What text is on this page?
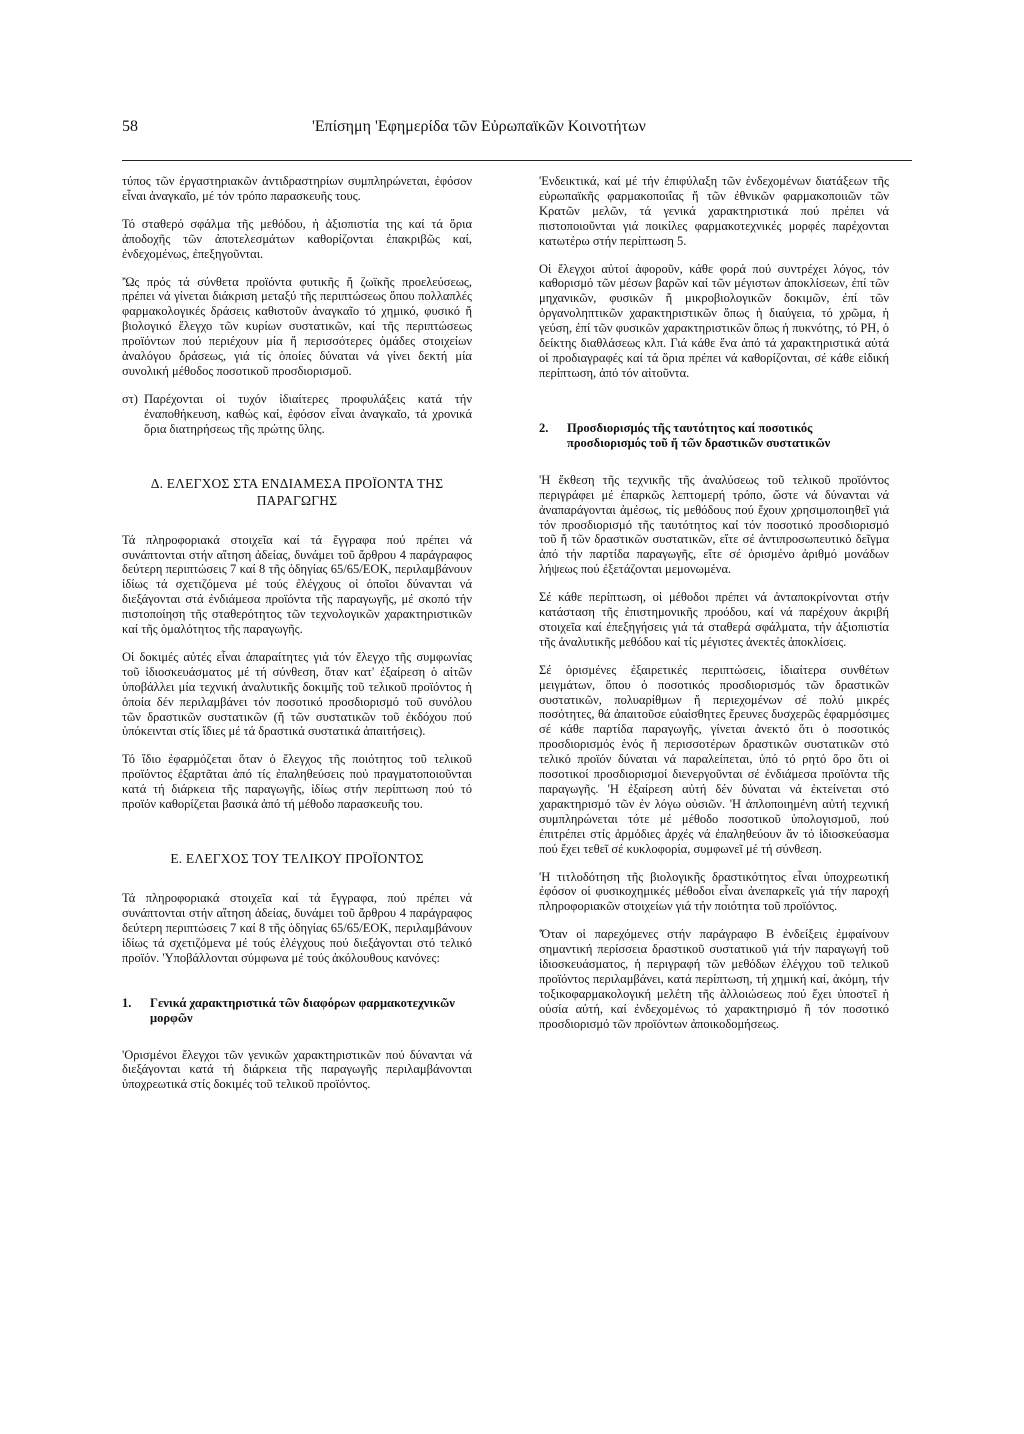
58	'Επίσημη 'Εφημερίδα τῶν Εὐρωπαϊκῶν Κοινοτήτων

τύπος τῶν ἐργαστηριακῶν ἀντιδραστηρίων συμπληρώνεται, ἐφόσον εἶναι ἀναγκαῖο, μέ τόν τρόπο παρασκευῆς τους.

Τό σταθερό σφάλμα τῆς μεθόδου, ἡ ἀξιοπιστία της καί τά ὅρια ἀποδοχῆς τῶν ἀποτελεσμάτων καθορίζονται ἐπακριβῶς καί, ἐνδεχομένως, ἐπεξηγοῦνται.

'Ὡς πρός τά σύνθετα προϊόντα φυτικῆς ἤ ζωϊκῆς προελεύσεως, πρέπει νά γίνεται διάκριση μεταξύ τῆς περιπτώσεως ὅπου πολλαπλές φαρμακολογικές δράσεις καθιστοῦν ἀναγκαῖο τό χημικό, φυσικό ἤ βιολογικό ἔλεγχο τῶν κυρίων συστατικῶν, καί τῆς περιπτώσεως προϊόντων πού περιέχουν μία ἤ περισσότερες ὁμάδες στοιχείων ἀναλόγου δράσεως, γιά τίς ὁποίες δύναται νά γίνει δεκτή μία συνολική μέθοδος ποσοτικοῦ προσδιορισμοῦ.

στ) Παρέχονται οἱ τυχόν ἰδιαίτερες προφυλάξεις κατά τήν ἐναποθήκευση, καθώς καί, ἐφόσον εἶναι ἀναγκαῖο, τά χρονικά ὅρια διατηρήσεως τῆς πρώτης ὕλης.
Δ. ΕΛΕΓΧΟΣ ΣΤΑ ΕΝΔΙΑΜΕΣΑ ΠΡΟΪΟΝΤΑ ΤΗΣ ΠΑΡΑΓΩΓΗΣ

Τά πληροφοριακά στοιχεῖα καί τά ἔγγραφα πού πρέπει νά συνάπτονται στήν αἴτηση ἀδείας, δυνάμει τοῦ ἄρθρου 4 παράγραφος δεύτερη περιπτώσεις 7 καί 8 τῆς ὁδηγίας 65/65/ΕΟΚ, περιλαμβάνουν ἰδίως τά σχετιζόμενα μέ τούς ἐλέγχους οἱ ὁποῖοι δύνανται νά διεξάγονται στά ἐνδιάμεσα προϊόντα τῆς παραγωγῆς, μέ σκοπό τήν πιστοποίηση τῆς σταθερότητος τῶν τεχνολογικῶν χαρακτηριστικῶν καί τῆς ὁμαλότητος τῆς παραγωγῆς.

Οἱ δοκιμές αὐτές εἶναι ἀπαραίτητες γιά τόν ἔλεγχο τῆς συμφωνίας τοῦ ἰδιοσκευάσματος μέ τή σύνθεση, ὅταν κατ' ἐξαίρεση ὁ αἰτῶν ὑποβάλλει μία τεχνική ἀναλυτικῆς δοκιμῆς τοῦ τελικοῦ προϊόντος ἡ ὁποία δέν περιλαμβάνει τόν ποσοτικό προσδιορισμό τοῦ συνόλου τῶν δραστικῶν συστατικῶν (ἤ τῶν συστατικῶν τοῦ ἐκδόχου πού ὑπόκεινται στίς ἴδιες μέ τά δραστικά συστατικά ἀπαιτήσεις).

Τό ἴδιο ἐφαρμόζεται ὅταν ὁ ἔλεγχος τῆς ποιότητος τοῦ τελικοῦ προϊόντος ἐξαρτᾶται ἀπό τίς ἐπαληθεύσεις πού πραγματοποιοῦνται κατά τή διάρκεια τῆς παραγωγῆς, ἰδίως στήν περίπτωση πού τό προϊόν καθορίζεται βασικά ἀπό τή μέθοδο παρασκευῆς του.

Ε. ΕΛΕΓΧΟΣ ΤΟΥ ΤΕΛΙΚΟΥ ΠΡΟΪΟΝΤΟΣ

Τά πληροφοριακά στοιχεῖα καί τά ἔγγραφα, πού πρέπει νά συνάπτονται στήν αἴτηση ἀδείας, δυνάμει τοῦ ἄρθρου 4 παράγραφος δεύτερη περιπτώσεις 7 καί 8 τῆς ὁδηγίας 65/65/ΕΟΚ, περιλαμβάνουν ἰδίως τά σχετιζόμενα μέ τούς ἐλέγχους πού διεξάγονται στό τελικό προϊόν. 'Υποβάλλονται σύμφωνα μέ τούς ἀκόλουθους κανόνες:

1.	Γενικά χαρακτηριστικά τῶν διαφόρων φαρμακοτεχνικῶν μορφῶν

'Ορισμένοι ἔλεγχοι τῶν γενικῶν χαρακτηριστικῶν πού δύνανται νά διεξάγονται κατά τή διάρκεια τῆς παραγωγῆς περιλαμβάνονται ὑποχρεωτικά στίς δοκιμές τοῦ τελικοῦ προϊόντος.

'Ενδεικτικά, καί μέ τήν ἐπιφύλαξη τῶν ἐνδεχομένων διατάξεων τῆς εὐρωπαϊκῆς φαρμακοποιΐας ἤ τῶν ἐθνικῶν φαρμακοποιιῶν τῶν Κρατῶν μελῶν, τά γενικά χαρακτηριστικά πού πρέπει νά πιστοποιοῦνται γιά ποικίλες φαρμακοτεχνικές μορφές παρέχονται κατωτέρω στήν περίπτωση 5.

Οἱ ἔλεγχοι αὐτοί ἀφοροῦν, κάθε φορά πού συντρέχει λόγος, τόν καθορισμό τῶν μέσων βαρῶν καί τῶν μέγιστων ἀποκλίσεων, ἐπί τῶν μηχανικῶν, φυσικῶν ἤ μικροβιολογικῶν δοκιμῶν, ἐπί τῶν ὀργανοληπτικῶν χαρακτηριστικῶν ὅπως ἡ διαύγεια, τό χρῶμα, ἡ γεύση, ἐπί τῶν φυσικῶν χαρακτηριστικῶν ὅπως ἡ πυκνότης, τό PH, ὁ δείκτης διαθλάσεως κλπ. Γιά κάθε ἕνα ἀπό τά χαρακτηριστικά αὐτά οἱ προδιαγραφές καί τά ὅρια πρέπει νά καθορίζονται, σέ κάθε εἰδική περίπτωση, ἀπό τόν αἰτοῦντα.

2.	Προσδιορισμός τῆς ταυτότητος καί ποσοτικός προσδιορισμός τοῦ ἤ τῶν δραστικῶν συστατικῶν

'Η ἔκθεση τῆς τεχνικῆς τῆς ἀναλύσεως τοῦ τελικοῦ προϊόντος περιγράφει μέ ἐπαρκῶς λεπτομερή τρόπο, ὥστε νά δύνανται νά ἀναπαράγονται ἀμέσως, τίς μεθόδους πού ἔχουν χρησιμοποιηθεῖ γιά τόν προσδιορισμό τῆς ταυτότητος καί τόν ποσοτικό προσδιορισμό τοῦ ἤ τῶν δραστικῶν συστατικῶν, εἴτε σέ ἀντιπροσωπευτικό δεῖγμα ἀπό τήν παρτίδα παραγωγῆς, εἴτε σέ ὁρισμένο ἀριθμό μονάδων λήψεως πού ἐξετάζονται μεμονωμένα.

Σέ κάθε περίπτωση, οἱ μέθοδοι πρέπει νά ἀνταποκρίνονται στήν κατάσταση τῆς ἐπιστημονικῆς προόδου, καί νά παρέχουν ἀκριβή στοιχεῖα καί ἐπεξηγήσεις γιά τά σταθερά σφάλματα, τήν ἀξιοπιστία τῆς ἀναλυτικῆς μεθόδου καί τίς μέγιστες ἀνεκτές ἀποκλίσεις.

Σέ ὁρισμένες ἐξαιρετικές περιπτώσεις, ἰδιαίτερα συνθέτων μειγμάτων, ὅπου ὁ ποσοτικός προσδιορισμός τῶν δραστικῶν συστατικῶν, πολυαρίθμων ἤ περιεχομένων σέ πολύ μικρές ποσότητες, θά ἀπαιτοῦσε εὐαίσθητες ἔρευνες δυσχερῶς ἐφαρμόσιμες σέ κάθε παρτίδα παραγωγῆς, γίνεται ἀνεκτό ὅτι ὁ ποσοτικός προσδιορισμός ἑνός ἤ περισσοτέρων δραστικῶν συστατικῶν στό τελικό προϊόν δύναται νά παραλείπεται, ὑπό τό ρητό ὅρο ὅτι οἱ ποσοτικοί προσδιορισμοί διενεργοῦνται σέ ἐνδιάμεσα προϊόντα τῆς παραγωγῆς. 'Η ἐξαίρεση αὐτή δέν δύναται νά ἐκτείνεται στό χαρακτηρισμό τῶν ἐν λόγω οὐσιῶν. 'Η ἁπλοποιημένη αὐτή τεχνική συμπληρώνεται τότε μέ μέθοδο ποσοτικοῦ ὑπολογισμοῦ, πού ἐπιτρέπει στίς ἁρμόδιες ἀρχές νά ἐπαληθεύουν ἄν τό ἰδιοσκεύασμα πού ἔχει τεθεῖ σέ κυκλοφορία, συμφωνεῖ μέ τή σύνθεση.

'Η τιτλοδότηση τῆς βιολογικῆς δραστικότητος εἶναι ὑποχρεωτική ἐφόσον οἱ φυσικοχημικές μέθοδοι εἶναι ἀνεπαρκεῖς γιά τήν παροχή πληροφοριακῶν στοιχείων γιά τήν ποιότητα τοῦ προϊόντος.

'Όταν οἱ παρεχόμενες στήν παράγραφο Β ἐνδείξεις ἐμφαίνουν σημαντική περίσσεια δραστικοῦ συστατικοῦ γιά τήν παραγωγή τοῦ ἰδιοσκευάσματος, ἡ περιγραφή τῶν μεθόδων ἐλέγχου τοῦ τελικοῦ προϊόντος περιλαμβάνει, κατά περίπτωση, τή χημική καί, ἀκόμη, τήν τοξικοφαρμακολογική μελέτη τῆς ἀλλοιώσεως πού ἔχει ὑποστεῖ ἡ οὐσία αὐτή, καί ἐνδεχομένως τό χαρακτηρισμό ἤ τόν ποσοτικό προσδιορισμό τῶν προϊόντων ἀποικοδομήσεως.
